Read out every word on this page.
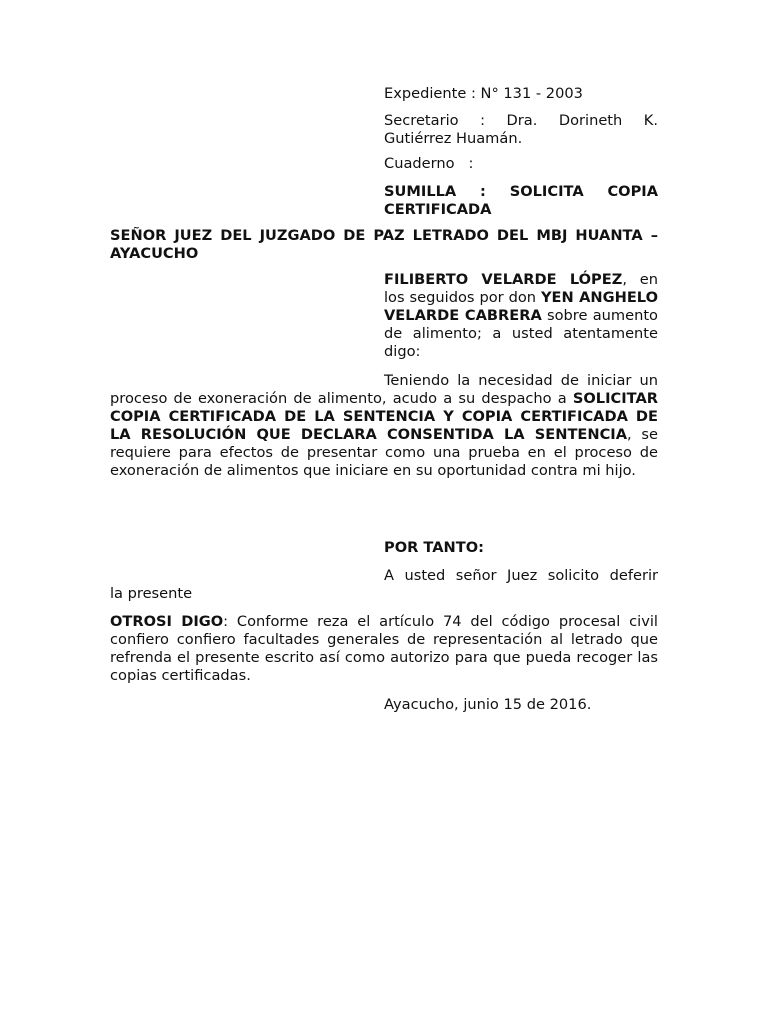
Expediente : N° 131 - 2003

Secretario : Dra. Dorineth K.
Gutiérrez Huamán.

Cuaderno   :

SUMILLA : SOLICITA COPIA CERTIFICADA

SEÑOR JUEZ DEL JUZGADO DE PAZ LETRADO DEL MBJ HUANTA – AYACUCHO

FILIBERTO VELARDE LÓPEZ, en los seguidos por don YEN ANGHELO VELARDE CABRERA sobre aumento de alimento; a usted atentamente digo:

Teniendo la necesidad de iniciar un proceso de exoneración de alimento, acudo a su despacho a SOLICITAR COPIA CERTIFICADA DE LA SENTENCIA Y COPIA CERTIFICADA DE LA RESOLUCIÓN QUE DECLARA CONSENTIDA LA SENTENCIA, se requiere para efectos de presentar como una prueba en el proceso de exoneración de alimentos que iniciare en su oportunidad contra mi hijo.

POR TANTO:

A usted señor Juez solicito deferir

la presente

OTROSI DIGO: Conforme reza el artículo 74 del código procesal civil confiero confiero facultades generales de representación al letrado que refrenda el presente escrito así como autorizo para que pueda recoger las copias certificadas.

Ayacucho, junio 15 de 2016.
